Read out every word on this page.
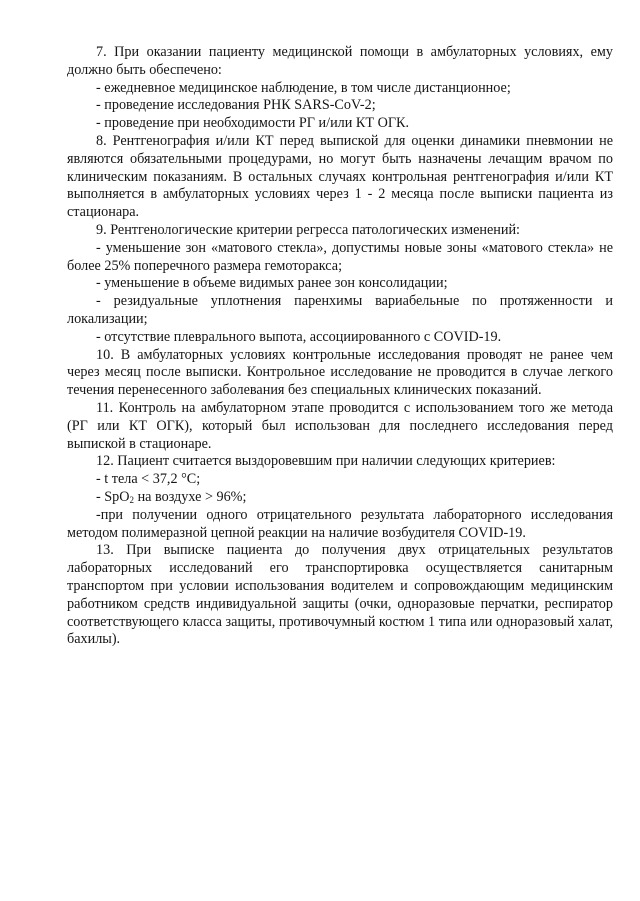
7. При оказании пациенту медицинской помощи в амбулаторных условиях, ему должно быть обеспечено:

- ежедневное медицинское наблюдение, в том числе дистанционное;

- проведение исследования РНК SARS-CoV-2;

- проведение при необходимости РГ и/или КТ ОГК.

8. Рентгенография и/или КТ перед выпиской для оценки динамики пневмонии не являются обязательными процедурами, но могут быть назначены лечащим врачом по клиническим показаниям. В остальных случаях контрольная рентгенография и/или КТ выполняется в амбулаторных условиях через 1 - 2 месяца после выписки пациента из стационара.

9. Рентгенологические критерии регресса патологических изменений:

- уменьшение зон «матового стекла», допустимы новые зоны «матового стекла» не более 25% поперечного размера гемоторакса;

- уменьшение в объеме видимых ранее зон консолидации;

- резидуальные уплотнения паренхимы вариабельные по протяженности и локализации;

- отсутствие плеврального выпота, ассоциированного с COVID-19.

10. В амбулаторных условиях контрольные исследования проводят не ранее чем через месяц после выписки. Контрольное исследование не проводится в случае легкого течения перенесенного заболевания без специальных клинических показаний.

11. Контроль на амбулаторном этапе проводится с использованием того же метода (РГ или КТ ОГК), который был использован для последнего исследования перед выпиской в стационаре.

12. Пациент считается выздоровевшим при наличии следующих критериев:

- t тела < 37,2 °C;

- SpO$_2$ на воздухе > 96%;

-при получении одного отрицательного результата лабораторного исследования методом полимеразной цепной реакции на наличие возбудителя COVID-19.

13. При выписке пациента до получения двух отрицательных результатов лабораторных исследований его транспортировка осуществляется санитарным транспортом при условии использования водителем и сопровождающим медицинским работником средств индивидуальной защиты (очки, одноразовые перчатки, респиратор соответствующего класса защиты, противочумный костюм 1 типа или одноразовый халат, бахилы).
